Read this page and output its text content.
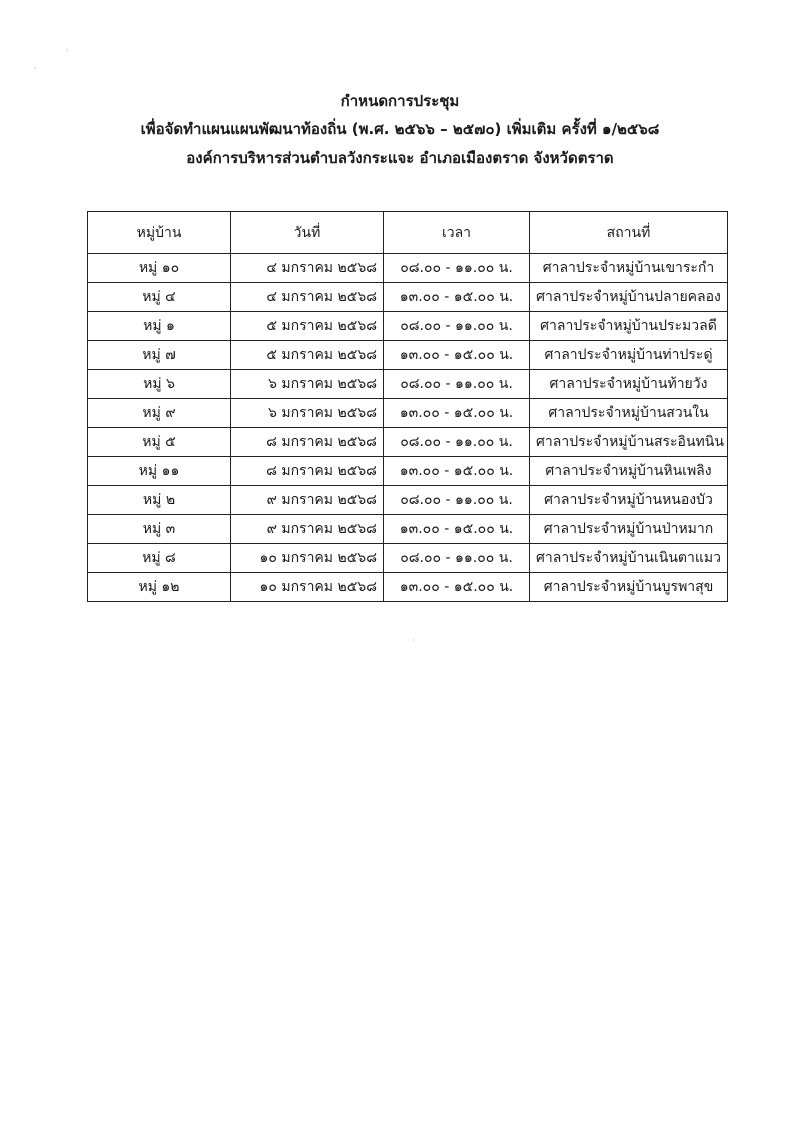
·
·
·
กำหนดการประชุม
เพื่อจัดทำแผนแผนพัฒนาท้องถิ่น (พ.ศ. ๒๕๖๖ – ๒๕๗๐) เพิ่มเติม ครั้งที่ ๑/๒๕๖๘
องค์การบริหารส่วนตำบลวังกระแจะ อำเภอเมืองตราด จังหวัดตราด
หมู่บ้าน	วันที่	เวลา	สถานที่
หมู่ ๑๐	๔ มกราคม ๒๕๖๘	๐๘.๐๐ - ๑๑.๐๐ น.	ศาลาประจำหมู่บ้านเขาระกำ
หมู่ ๔	๔ มกราคม ๒๕๖๘	๑๓.๐๐ - ๑๕.๐๐ น.	ศาลาประจำหมู่บ้านปลายคลอง
หมู่ ๑	๕ มกราคม ๒๕๖๘	๐๘.๐๐ - ๑๑.๐๐ น.	ศาลาประจำหมู่บ้านประมวลดี
หมู่ ๗	๕ มกราคม ๒๕๖๘	๑๓.๐๐ - ๑๕.๐๐ น.	ศาลาประจำหมู่บ้านท่าประดู่
หมู่ ๖	๖ มกราคม ๒๕๖๘	๐๘.๐๐ - ๑๑.๐๐ น.	ศาลาประจำหมู่บ้านท้ายวัง
หมู่ ๙	๖ มกราคม ๒๕๖๘	๑๓.๐๐ - ๑๕.๐๐ น.	ศาลาประจำหมู่บ้านสวนใน
หมู่ ๕	๘ มกราคม ๒๕๖๘	๐๘.๐๐ - ๑๑.๐๐ น.	ศาลาประจำหมู่บ้านสระอินทนิน
หมู่ ๑๑	๘ มกราคม ๒๕๖๘	๑๓.๐๐ - ๑๕.๐๐ น.	ศาลาประจำหมู่บ้านหินเพลิง
หมู่ ๒	๙ มกราคม ๒๕๖๘	๐๘.๐๐ - ๑๑.๐๐ น.	ศาลาประจำหมู่บ้านหนองบัว
หมู่ ๓	๙ มกราคม ๒๕๖๘	๑๓.๐๐ - ๑๕.๐๐ น.	ศาลาประจำหมู่บ้านป่าหมาก
หมู่ ๘	๑๐ มกราคม ๒๕๖๘	๐๘.๐๐ - ๑๑.๐๐ น.	ศาลาประจำหมู่บ้านเนินตาแมว
หมู่ ๑๒	๑๐ มกราคม ๒๕๖๘	๑๓.๐๐ - ๑๕.๐๐ น.	ศาลาประจำหมู่บ้านบูรพาสุข
